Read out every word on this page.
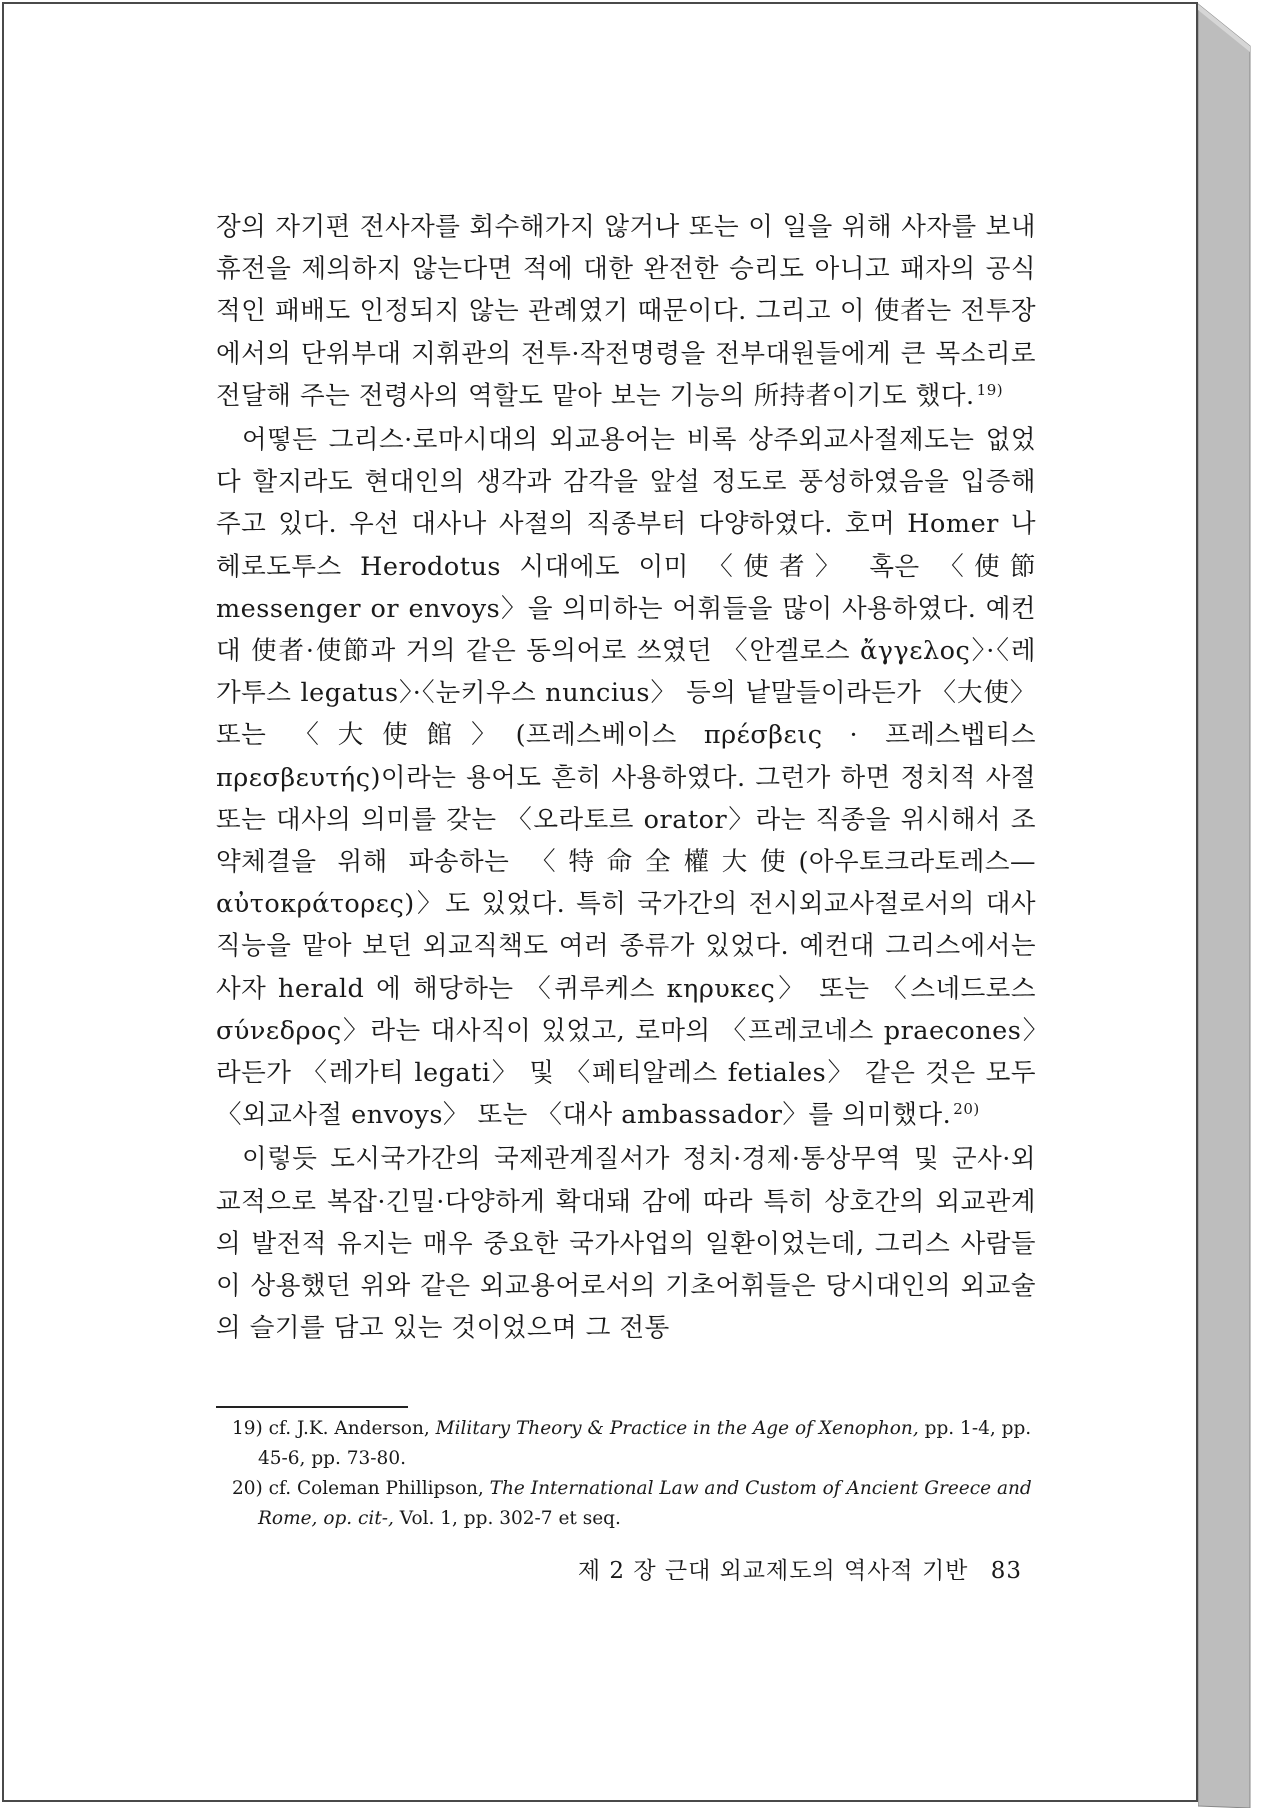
장의 자기편 전사자를 회수해가지 않거나 또는 이 일을 위해 사자를 보내 휴전을 제의하지 않는다면 적에 대한 완전한 승리도 아니고 패자의 공식적인 패배도 인정되지 않는 관례였기 때문이다. 그리고 이 使者는 전투장에서의 단위부대 지휘관의 전투·작전명령을 전부대원들에게 큰 목소리로 전달해 주는 전령사의 역할도 맡아 보는 기능의 所持者이기도 했다. $^{19)}$

어떻든 그리스·로마시대의 외교용어는 비록 상주외교사절제도는 없었다 할지라도 현대인의 생각과 감각을 앞설 정도로 풍성하였음을 입증해 주고 있다. 우선 대사나 사절의 직종부터 다양하였다. 호머 Homer 나 헤로도투스 Herodotus 시대에도 이미 〈使者〉 혹은 〈使節 messenger or envoys〉을 의미하는 어휘들을 많이 사용하였다. 예컨대 使者·使節과 거의 같은 동의어로 쓰였던 〈안겔로스 ἄγγελος〉·〈레가투스 legatus〉·〈눈키우스 nuncius〉 등의 낱말들이라든가 〈大使〉 또는 〈大使館〉(프레스베이스 πρέσβεις · 프레스벱티스 πρεσβευτής)이라는 용어도 흔히 사용하였다. 그런가 하면 정치적 사절 또는 대사의 의미를 갖는 〈오라토르 orator〉라는 직종을 위시해서 조약체결을 위해 파송하는 〈特命全權大使(아우토크라토레스— αὐτοκράτορες)〉도 있었다. 특히 국가간의 전시외교사절로서의 대사직능을 맡아 보던 외교직책도 여러 종류가 있었다. 예컨대 그리스에서는 사자 herald 에 해당하는 〈퀴루케스 κηρυκες〉 또는 〈스네드로스 σύνεδρος〉라는 대사직이 있었고, 로마의 〈프레코네스 praecones〉라든가 〈레가티 legati〉 및 〈페티알레스 fetiales〉 같은 것은 모두 〈외교사절 envoys〉 또는 〈대사 ambassador〉를 의미했다. $^{20)}$

이렇듯 도시국가간의 국제관계질서가 정치·경제·통상무역 및 군사·외교적으로 복잡·긴밀·다양하게 확대돼 감에 따라 특히 상호간의 외교관계의 발전적 유지는 매우 중요한 국가사업의 일환이었는데, 그리스 사람들이 상용했던 위와 같은 외교용어로서의 기초어휘들은 당시대인의 외교술의 슬기를 담고 있는 것이었으며 그 전통

19) cf. J.K. Anderson, Military Theory & Practice in the Age of Xenophon, pp. 1-4, pp. 45-6, pp. 73-80.

20) cf. Coleman Phillipson, The International Law and Custom of Ancient Greece and Rome, op. cit-, Vol. 1, pp. 302-7 et seq.

제 2 장 근대 외교제도의 역사적 기반 83
